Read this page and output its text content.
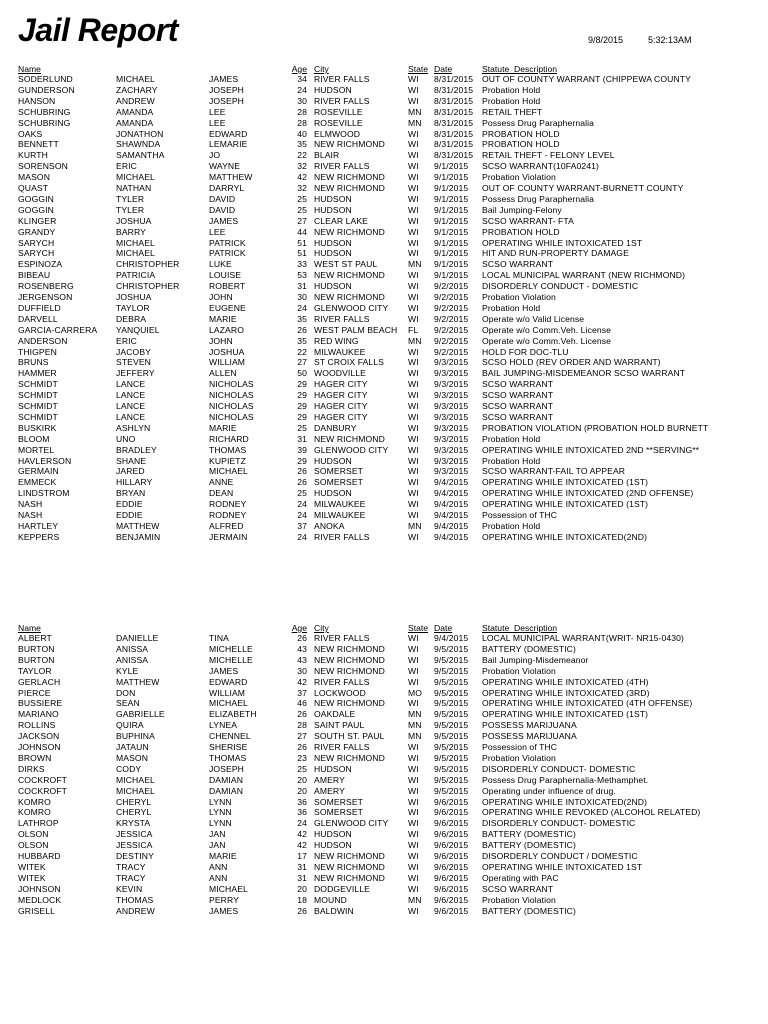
Jail Report	9/8/2015	5:32:13AM
Name	Age City	State Date	Statute_Description
SODERLUND	MICHAEL	JAMES	34 RIVER FALLS	WI 8/31/2015 OUT OF COUNTY WARRANT (CHIPPEWA COUNTY
GUNDERSON	ZACHARY	JOSEPH	24 HUDSON	WI 8/31/2015 Probation Hold
HANSON	ANDREW	JOSEPH	30 RIVER FALLS	WI 8/31/2015 Probation Hold
SCHUBRING	AMANDA	LEE	28 ROSEVILLE	MN 8/31/2015 RETAIL THEFT
SCHUBRING	AMANDA	LEE	28 ROSEVILLE	MN 8/31/2015 Possess Drug Paraphernalia
OAKS	JONATHON	EDWARD	40 ELMWOOD	WI 8/31/2015 PROBATION HOLD
BENNETT	SHAWNDA	LEMARIE	35 NEW RICHMOND	WI 8/31/2015 PROBATION HOLD
KURTH	SAMANTHA	JO	22 BLAIR	WI 8/31/2015 RETAIL THEFT - FELONY LEVEL
SORENSON	ERIC	WAYNE	32 RIVER FALLS	WI 9/1/2015 SCSO WARRANT(10FA0241)
MASON	MICHAEL	MATTHEW	42 NEW RICHMOND	WI 9/1/2015 Probation Violation
QUAST	NATHAN	DARRYL	32 NEW RICHMOND	WI 9/1/2015 OUT OF COUNTY WARRANT-BURNETT COUNTY
GOGGIN	TYLER	DAVID	25 HUDSON	WI 9/1/2015 Possess Drug Paraphernalia
GOGGIN	TYLER	DAVID	25 HUDSON	WI 9/1/2015 Bail Jumping-Felony
KLINGER	JOSHUA	JAMES	27 CLEAR LAKE	WI 9/1/2015 SCSO WARRANT- FTA
GRANDY	BARRY	LEE	44 NEW RICHMOND	WI 9/1/2015 PROBATION HOLD
SARYCH	MICHAEL	PATRICK	51 HUDSON	WI 9/1/2015 OPERATING WHILE INTOXICATED 1ST
SARYCH	MICHAEL	PATRICK	51 HUDSON	WI 9/1/2015 HIT AND RUN-PROPERTY DAMAGE
ESPINOZA	CHRISTOPHER	LUKE	33 WEST ST PAUL	MN 9/1/2015 SCSO WARRANT
BIBEAU	PATRICIA	LOUISE	53 NEW RICHMOND	WI 9/1/2015 LOCAL MUNICIPAL WARRANT (NEW RICHMOND)
ROSENBERG	CHRISTOPHER	ROBERT	31 HUDSON	WI 9/2/2015 DISORDERLY CONDUCT - DOMESTIC
JERGENSON	JOSHUA	JOHN	30 NEW RICHMOND	WI 9/2/2015 Probation Violation
DUFFIELD	TAYLOR	EUGENE	24 GLENWOOD CITY WI 9/2/2015 Probation Hold
DARVELL	DEBRA	MARIE	35 RIVER FALLS	WI 9/2/2015 Operate w/o Valid License
GARCIA-CARRERA YANQUIEL	LAZARO	26 WEST PALM BEACH FL 9/2/2015 Operate w/o Comm.Veh. License
ANDERSON	ERIC	JOHN	35 RED WING	MN 9/2/2015 Operate w/o Comm.Veh. License
THIGPEN	JACOBY	JOSHUA	22 MILWAUKEE	WI 9/2/2015 HOLD FOR DOC-TLU
BRUNS	STEVEN	WILLIAM	27 ST CROIX FALLS	WI 9/3/2015 SCSO HOLD (REV ORDER AND WARRANT)
HAMMER	JEFFERY	ALLEN	50 WOODVILLE	WI 9/3/2015 BAIL JUMPING-MISDEMEANOR SCSO WARRANT
SCHMIDT	LANCE	NICHOLAS	29 HAGER CITY	WI 9/3/2015 SCSO WARRANT
SCHMIDT	LANCE	NICHOLAS	29 HAGER CITY	WI 9/3/2015 SCSO WARRANT
SCHMIDT	LANCE	NICHOLAS	29 HAGER CITY	WI 9/3/2015 SCSO WARRANT
SCHMIDT	LANCE	NICHOLAS	29 HAGER CITY	WI 9/3/2015 SCSO WARRANT
BUSKIRK	ASHLYN	MARIE	25 DANBURY	WI 9/3/2015 PROBATION VIOLATION (PROBATION HOLD BURNETT
BLOOM	UNO	RICHARD	31 NEW RICHMOND	WI 9/3/2015 Probation Hold
MORTEL	BRADLEY	THOMAS	39 GLENWOOD CITY WI 9/3/2015 OPERATING WHILE INTOXICATED 2ND **SERVING**
HAVLERSON	SHANE	KUPIETZ	29 HUDSON	WI 9/3/2015 Probation Hold
GERMAIN	JARED	MICHAEL	26 SOMERSET	WI 9/3/2015 SCSO WARRANT-FAIL TO APPEAR
EMMECK	HILLARY	ANNE	26 SOMERSET	WI 9/4/2015 OPERATING WHILE INTOXICATED (1ST)
LINDSTROM	BRYAN	DEAN	25 HUDSON	WI 9/4/2015 OPERATING WHILE INTOXICATED (2ND OFFENSE)
NASH	EDDIE	RODNEY	24 MILWAUKEE	WI 9/4/2015 OPERATING WHILE INTOXICATED (1ST)
NASH	EDDIE	RODNEY	24 MILWAUKEE	WI 9/4/2015 Possession of THC
HARTLEY	MATTHEW	ALFRED	37 ANOKA	MN 9/4/2015 Probation Hold
KEPPERS	BENJAMIN	JERMAIN	24 RIVER FALLS	WI 9/4/2015 OPERATING WHILE INTOXICATED(2ND)
Name	Age City	State Date	Statute_Description
ALBERT	DANIELLE	TINA	26 RIVER FALLS	WI 9/4/2015 LOCAL MUNICIPAL WARRANT(WRIT- NR15-0430)
BURTON	ANISSA	MICHELLE	43 NEW RICHMOND	WI 9/5/2015 BATTERY (DOMESTIC)
BURTON	ANISSA	MICHELLE	43 NEW RICHMOND	WI 9/5/2015 Bail Jumping-Misdemeanor
TAYLOR	KYLE	JAMES	30 NEW RICHMOND	WI 9/5/2015 Probation Violation
GERLACH	MATTHEW	EDWARD	42 RIVER FALLS	WI 9/5/2015 OPERATING WHILE INTOXICATED (4TH)
PIERCE	DON	WILLIAM	37 LOCKWOOD	MO 9/5/2015 OPERATING WHILE INTOXICATED (3RD)
BUSSIERE	SEAN	MICHAEL	46 NEW RICHMOND	WI 9/5/2015 OPERATING WHILE INTOXICATED (4TH OFFENSE)
MARIANO	GABRIELLE	ELIZABETH	26 OAKDALE	MN 9/5/2015 OPERATING WHILE INTOXICATED (1ST)
ROLLINS	QUIRA	LYNEA	28 SAINT PAUL	MN 9/5/2015 POSSESS MARIJUANA
JACKSON	BUPHINA	CHENNEL	27 SOUTH ST. PAUL	MN 9/5/2015 POSSESS MARIJUANA
JOHNSON	JATAUN	SHERISE	26 RIVER FALLS	WI 9/5/2015 Possession of THC
BROWN	MASON	THOMAS	23 NEW RICHMOND	WI 9/5/2015 Probation Violation
DIRKS	CODY	JOSEPH	25 HUDSON	WI 9/5/2015 DISORDERLY CONDUCT- DOMESTIC
COCKROFT	MICHAEL	DAMIAN	20 AMERY	WI 9/5/2015 Possess Drug Paraphernalia-Methamphet.
COCKROFT	MICHAEL	DAMIAN	20 AMERY	WI 9/5/2015 Operating under influence of drug.
KOMRO	CHERYL	LYNN	36 SOMERSET	WI 9/6/2015 OPERATING WHILE INTOXICATED(2ND)
KOMRO	CHERYL	LYNN	36 SOMERSET	WI 9/6/2015 OPERATING WHILE REVOKED (ALCOHOL RELATED)
LATHROP	KRYSTA	LYNN	24 GLENWOOD CITY WI 9/6/2015 DISORDERLY CONDUCT- DOMESTIC
OLSON	JESSICA	JAN	42 HUDSON	WI 9/6/2015 BATTERY (DOMESTIC)
OLSON	JESSICA	JAN	42 HUDSON	WI 9/6/2015 BATTERY (DOMESTIC)
HUBBARD	DESTINY	MARIE	17 NEW RICHMOND	WI 9/6/2015 DISORDERLY CONDUCT / DOMESTIC
WITEK	TRACY	ANN	31 NEW RICHMOND	WI 9/6/2015 OPERATING WHILE INTOXICATED 1ST
WITEK	TRACY	ANN	31 NEW RICHMOND	WI 9/6/2015 Operating with PAC
JOHNSON	KEVIN	MICHAEL	20 DODGEVILLE	WI 9/6/2015 SCSO WARRANT
MEDLOCK	THOMAS	PERRY	18 MOUND	MN 9/6/2015 Probation Violation
GRISELL	ANDREW	JAMES	26 BALDWIN	WI 9/6/2015 BATTERY (DOMESTIC)
